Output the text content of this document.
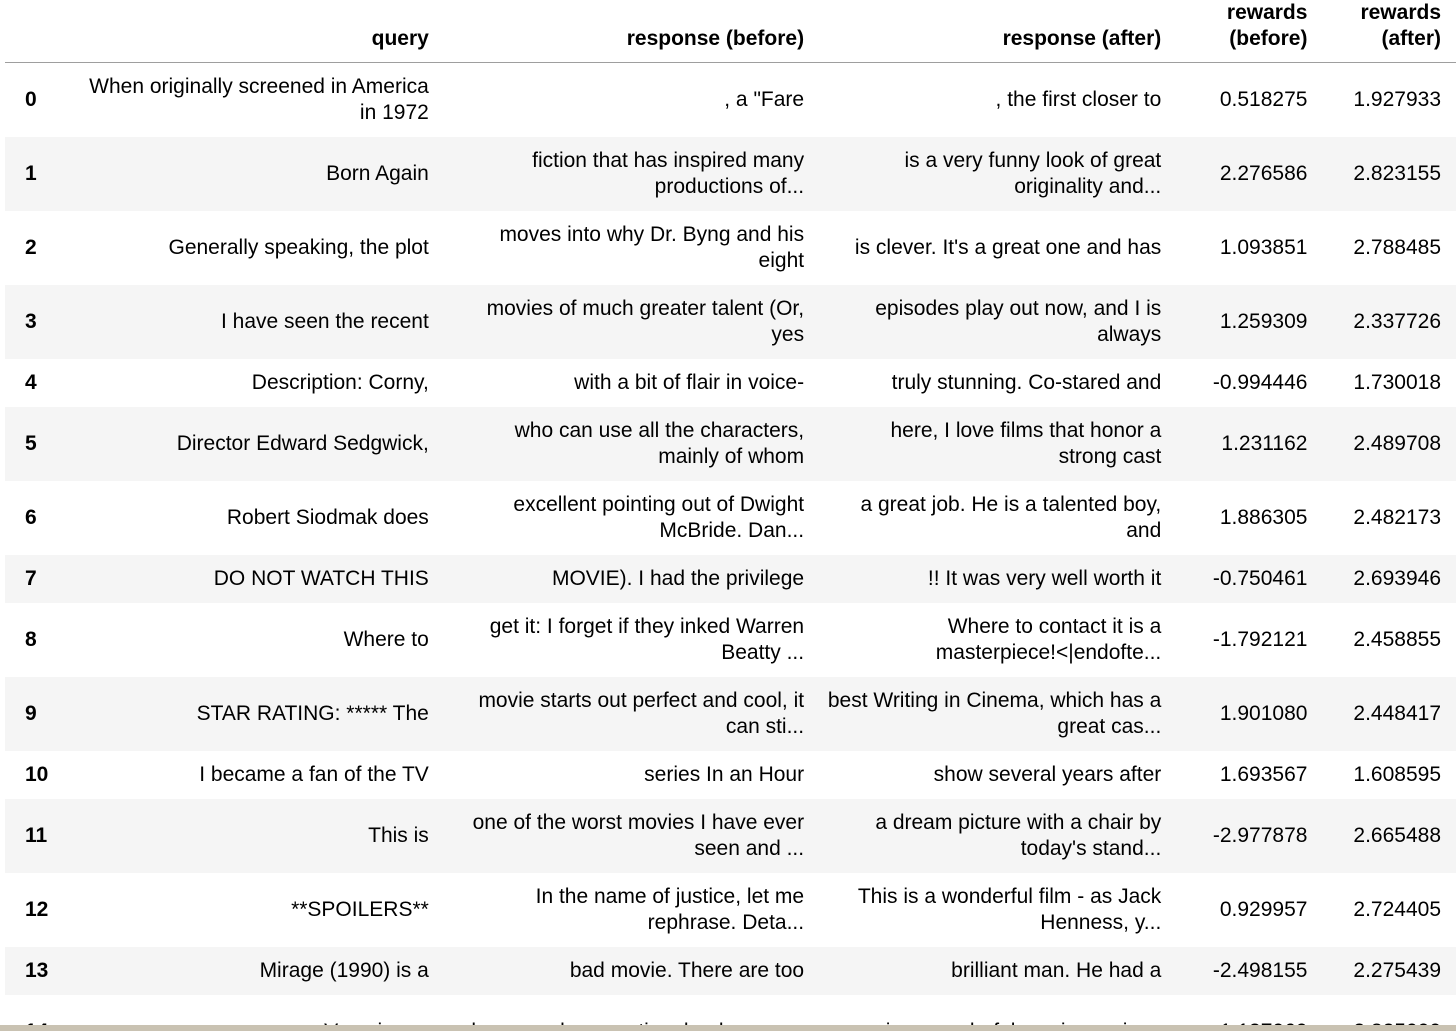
	query	response (before)	response (after)	rewards (before)	rewards (after)
0	When originally screened in America in 1972	, a "Fare	, the first closer to	0.518275	1.927933
1	Born Again	fiction that has inspired many productions of...	is a very funny look of great originality and...	2.276586	2.823155
2	Generally speaking, the plot	moves into why Dr. Byng and his eight	is clever. It's a great one and has	1.093851	2.788485
3	I have seen the recent	movies of much greater talent (Or, yes	episodes play out now, and I is always	1.259309	2.337726
4	Description: Corny,	with a bit of flair in voice-	truly stunning. Co-stared and	-0.994446	1.730018
5	Director Edward Sedgwick,	who can use all the characters, mainly of whom	here, I love films that honor a strong cast	1.231162	2.489708
6	Robert Siodmak does	excellent pointing out of Dwight McBride. Dan...	a great job. He is a talented boy, and	1.886305	2.482173
7	DO NOT WATCH THIS	MOVIE). I had the privilege	!! It was very well worth it	-0.750461	2.693946
8	Where to	get it: I forget if they inked Warren Beatty ...	Where to contact it is a masterpiece!<|endofte...	-1.792121	2.458855
9	STAR RATING: ***** The	movie starts out perfect and cool, it can sti...	best Writing in Cinema, which has a great cas...	1.901080	2.448417
10	I became a fan of the TV	series In an Hour	show several years after	1.693567	1.608595
11	This is	one of the worst movies I have ever seen and ...	a dream picture with a chair by today's stand...	-2.977878	2.665488
12	**SPOILERS**	In the name of justice, let me rephrase. Deta...	This is a wonderful film - as Jack Henness, y...	0.929957	2.724405
13	Mirage (1990) is a	bad movie. There are too	brilliant man. He had a	-2.498155	2.275439
